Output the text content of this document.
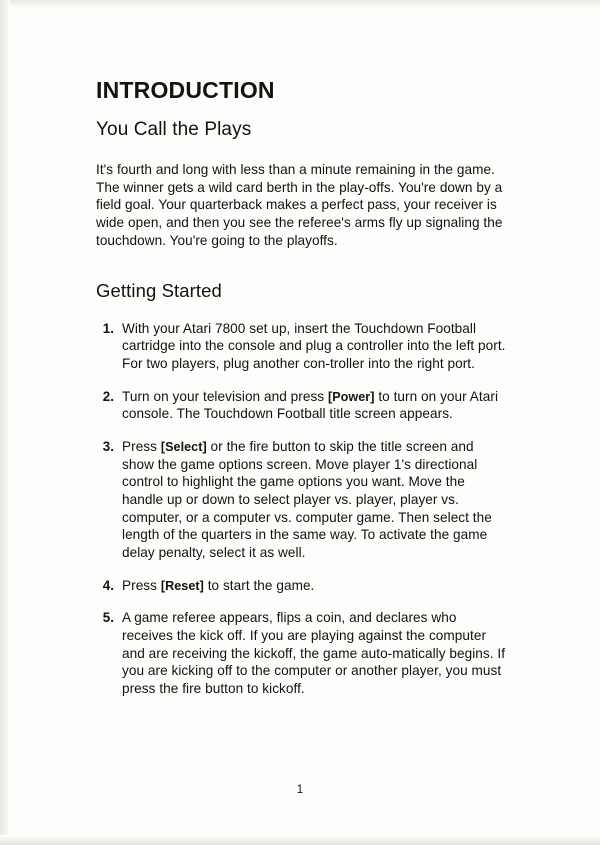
INTRODUCTION
You Call the Plays

It's fourth and long with less than a minute remaining in the game. The winner gets a wild card berth in the play-offs. You're down by a field goal. Your quarterback makes a perfect pass, your receiver is wide open, and then you see the referee's arms fly up signaling the touchdown. You're going to the playoffs.

Getting Started
1. With your Atari 7800 set up, insert the Touchdown Football cartridge into the console and plug a controller into the left port. For two players, plug another con-troller into the right port.
2. Turn on your television and press [Power] to turn on your Atari console. The Touchdown Football title screen appears.
3. Press [Select] or the fire button to skip the title screen and show the game options screen. Move player 1's directional control to highlight the game options you want. Move the handle up or down to select player vs. player, player vs. computer, or a computer vs. computer game. Then select the length of the quarters in the same way. To activate the game delay penalty, select it as well.
4. Press [Reset] to start the game.
5. A game referee appears, flips a coin, and declares who receives the kick off. If you are playing against the computer and are receiving the kickoff, the game auto-matically begins. If you are kicking off to the computer or another player, you must press the fire button to kickoff.
1
